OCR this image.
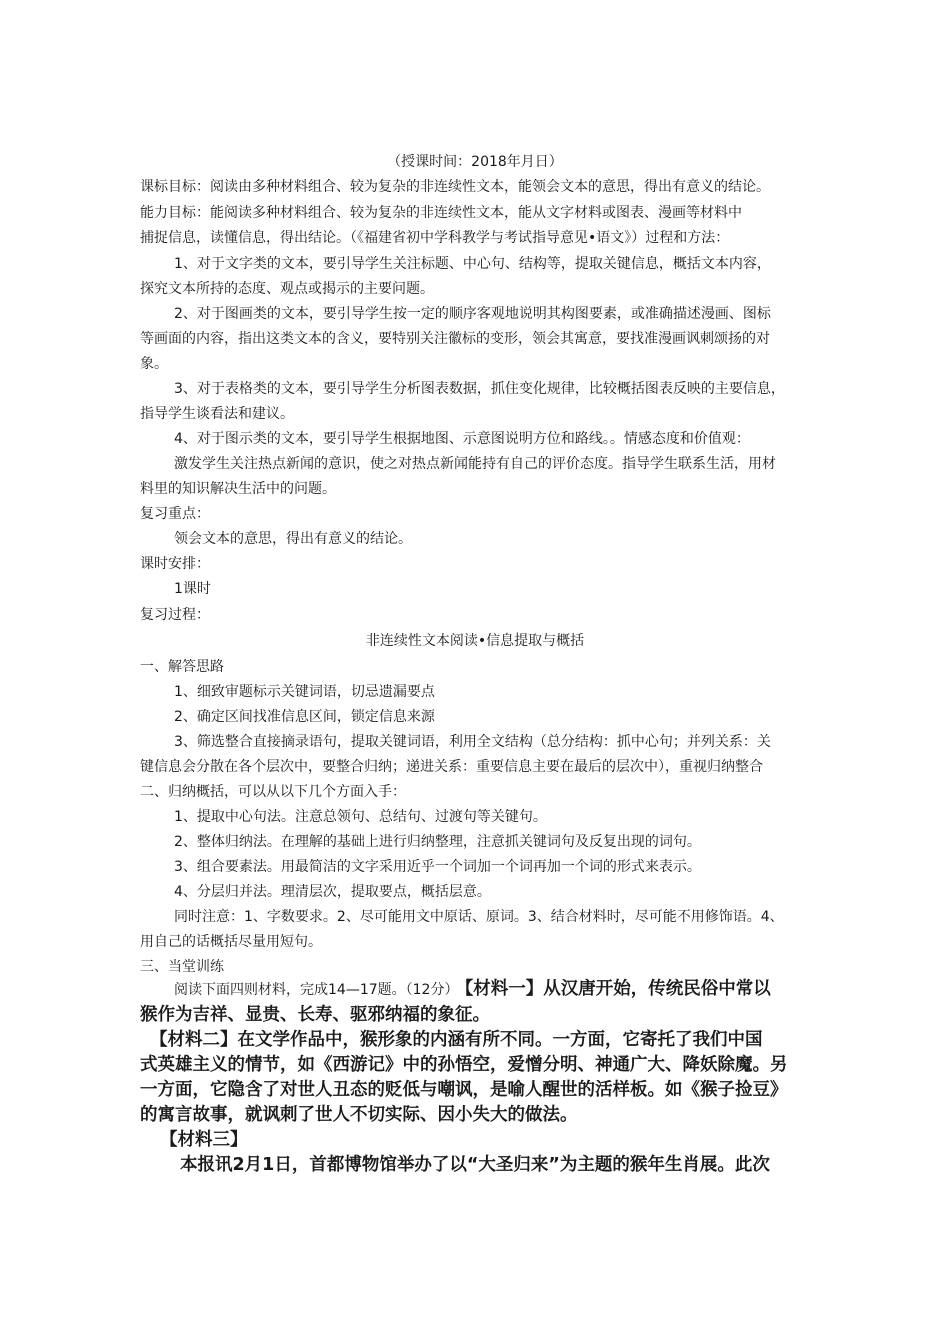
（授课时间：2018年月日）
课标目标：阅读由多种材料组合、较为复杂的非连续性文本，能领会文本的意思，得出有意义的结论。
能力目标：能阅读多种材料组合、较为复杂的非连续性文本，能从文字材料或图表、漫画等材料中
捕捉信息，读懂信息，得出结论。（《福建省初中学科教学与考试指导意见•语文》）过程和方法：
1、对于文字类的文本，要引导学生关注标题、中心句、结构等，提取关键信息，概括文本内容，
探究文本所持的态度、观点或揭示的主要问题。
2、对于图画类的文本，要引导学生按一定的顺序客观地说明其构图要素，或准确描述漫画、图标
等画面的内容，指出这类文本的含义，要特别关注徽标的变形，领会其寓意，要找准漫画讽刺颂扬的对
象。
3、对于表格类的文本，要引导学生分析图表数据，抓住变化规律，比较概括图表反映的主要信息，
指导学生谈看法和建议。
4、对于图示类的文本，要引导学生根据地图、示意图说明方位和路线。。情感态度和价值观：
激发学生关注热点新闻的意识，使之对热点新闻能持有自己的评价态度。指导学生联系生活，用材
料里的知识解决生活中的问题。
复习重点：
领会文本的意思，得出有意义的结论。
课时安排：
1课时
复习过程：
非连续性文本阅读•信息提取与概括
一、解答思路
1、细致审题标示关键词语，切忌遗漏要点
2、确定区间找准信息区间，锁定信息来源
3、筛选整合直接摘录语句，提取关键词语，利用全文结构（总分结构：抓中心句；并列关系：关
键信息会分散在各个层次中，要整合归纳；递进关系：重要信息主要在最后的层次中），重视归纳整合
二、归纳概括，可以从以下几个方面入手：
1、提取中心句法。注意总领句、总结句、过渡句等关键句。
2、整体归纳法。在理解的基础上进行归纳整理，注意抓关键词句及反复出现的词句。
3、组合要素法。用最简洁的文字采用近乎一个词加一个词再加一个词的形式来表示。
4、分层归并法。理清层次，提取要点，概括层意。
同时注意：1、字数要求。2、尽可能用文中原话、原词。3、结合材料时，尽可能不用修饰语。4、
用自己的话概括尽量用短句。
三、当堂训练
阅读下面四则材料，完成14—17题。（12分） 【材料一】从汉唐开始，传统民俗中常以
猴作为吉祥、显贵、长寿、驱邪纳福的象征。
【材料二】在文学作品中，猴形象的内涵有所不同。一方面，它寄托了我们中国
式英雄主义的情节，如《西游记》中的孙悟空，爱憎分明、神通广大、降妖除魔。另
一方面，它隐含了对世人丑态的贬低与嘲讽，是喻人醒世的活样板。如《猴子捡豆》
的寓言故事，就讽刺了世人不切实际、因小失大的做法。
【材料三】
本报讯2月1日，首都博物馆举办了以“大圣归来”为主题的猴年生肖展。此次
